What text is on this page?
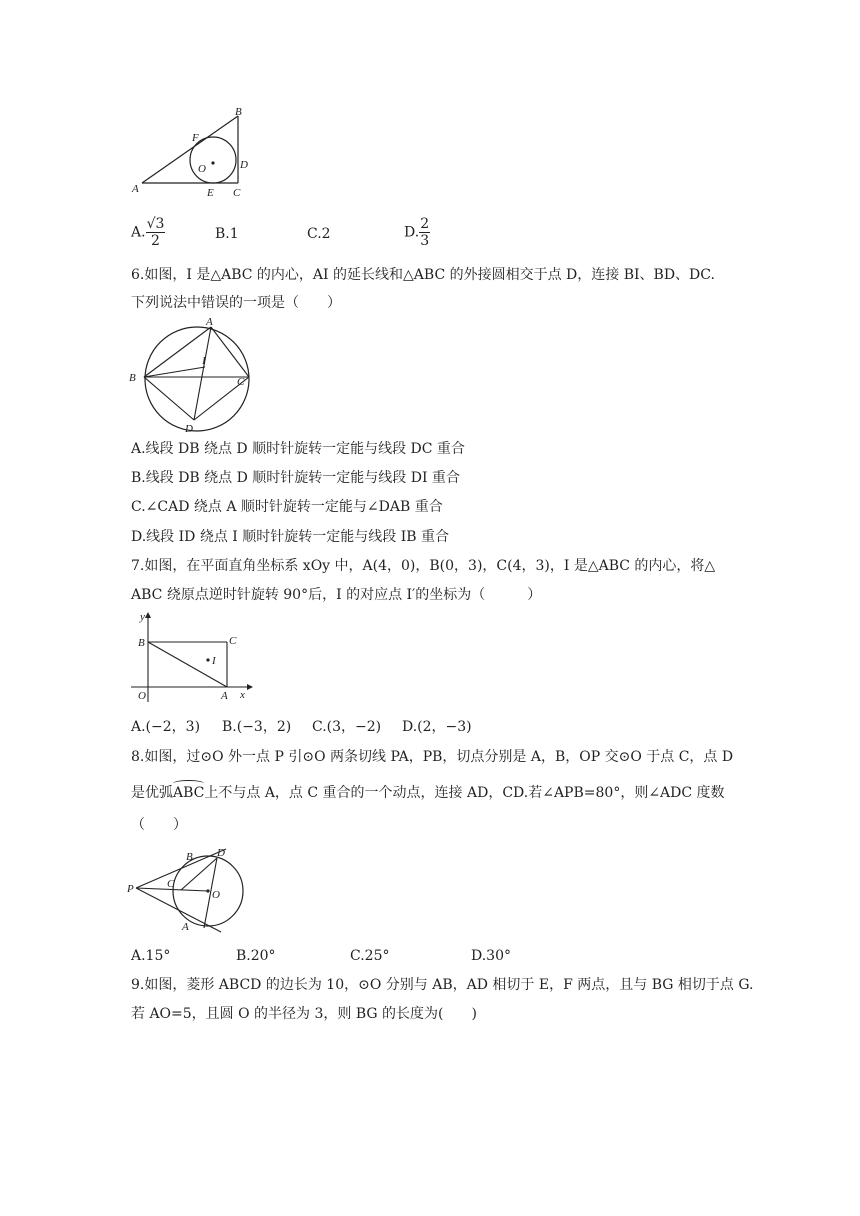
B
F
O	D
A	E C
A. $\frac{√3}{2}$	B.1	C.2	D. $\frac{2}{3}$
6.如图，I 是△ABC 的内心，AI 的延长线和△ABC 的外接圆相交于点 D，连接 BI、BD、DC.
下列说法中错误的一项是（　　）
A
I
B	C
D
A.线段 DB 绕点 D 顺时针旋转一定能与线段 DC 重合
B.线段 DB 绕点 D 顺时针旋转一定能与线段 DI 重合
C.∠CAD 绕点 A 顺时针旋转一定能与∠DAB 重合
D.线段 ID 绕点 I 顺时针旋转一定能与线段 IB 重合
7.如图，在平面直角坐标系 xOy 中，A(4，0)，B(0，3)，C(4，3)，I 是△ABC 的内心，将△
ABC 绕原点逆时针旋转 90°后，I 的对应点 I′的坐标为（　　　）
y
B	C
I
O	A x
A.(−2，3) B.(−3，2) C.(3，−2) D.(2，−3)
8.如图，过⊙O 外一点 P 引⊙O 两条切线 PA，PB，切点分别是 A，B，OP 交⊙O 于点 C，点 D
是优弧ABC上不与点 A，点 C 重合的一个动点，连接 AD，CD.若∠APB=80°，则∠ADC 度数
（　　）
B D
C
O
P
A
A.15°	B.20°	C.25°	D.30°
9.如图，菱形 ABCD 的边长为 10，⊙O 分别与 AB，AD 相切于 E，F 两点，且与 BG 相切于点 G.
若 AO=5，且圆 O 的半径为 3，则 BG 的长度为(　　)
